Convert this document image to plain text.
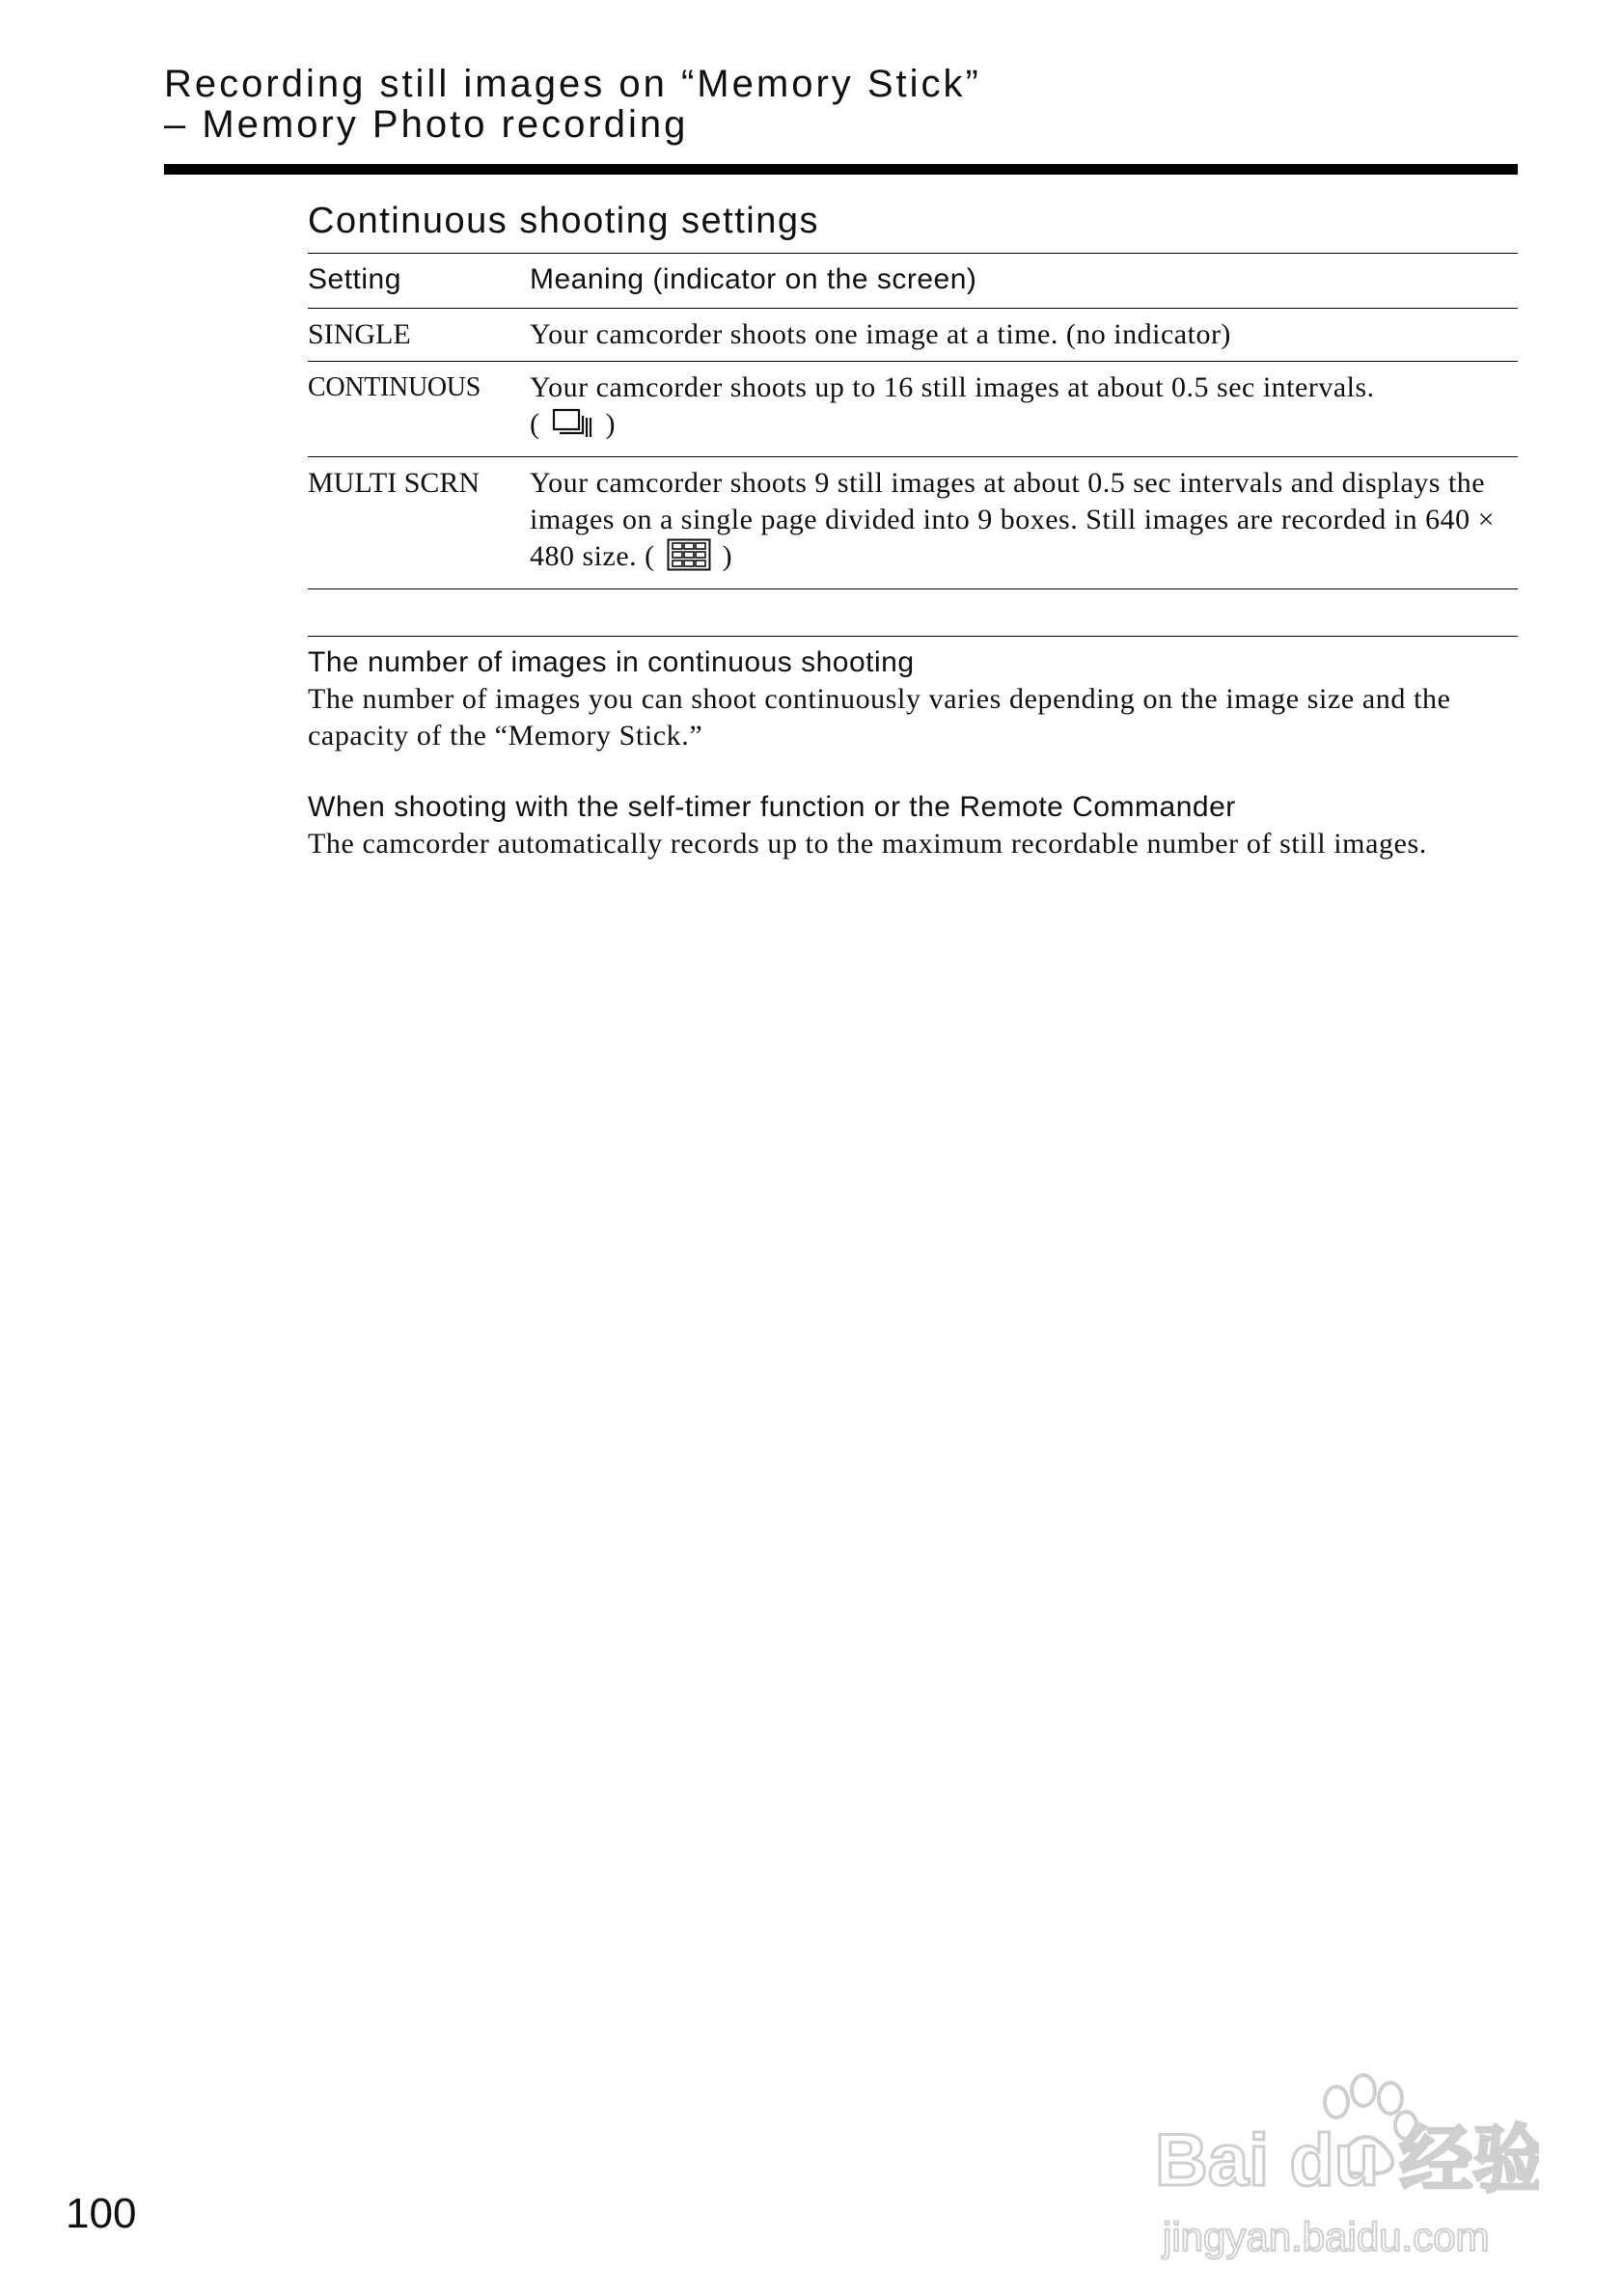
Recording still images on “Memory Stick”
– Memory Photo recording
Continuous shooting settings
Setting	Meaning (indicator on the screen)
SINGLE	Your camcorder shoots one image at a time. (no indicator)
CONTINUOUS	Your camcorder shoots up to 16 still images at about 0.5 sec intervals.
( )
MULTI SCRN	Your camcorder shoots 9 still images at about 0.5 sec intervals and displays the images on a single page divided into 9 boxes. Still images are recorded in 640 × 480 size. ( )
The number of images in continuous shooting
The number of images you can shoot continuously varies depending on the image size and the capacity of the “Memory Stick.”
When shooting with the self-timer function or the Remote Commander
The camcorder automatically records up to the maximum recordable number of still images.
100
Bai du 经验
jingyan.baidu.com
